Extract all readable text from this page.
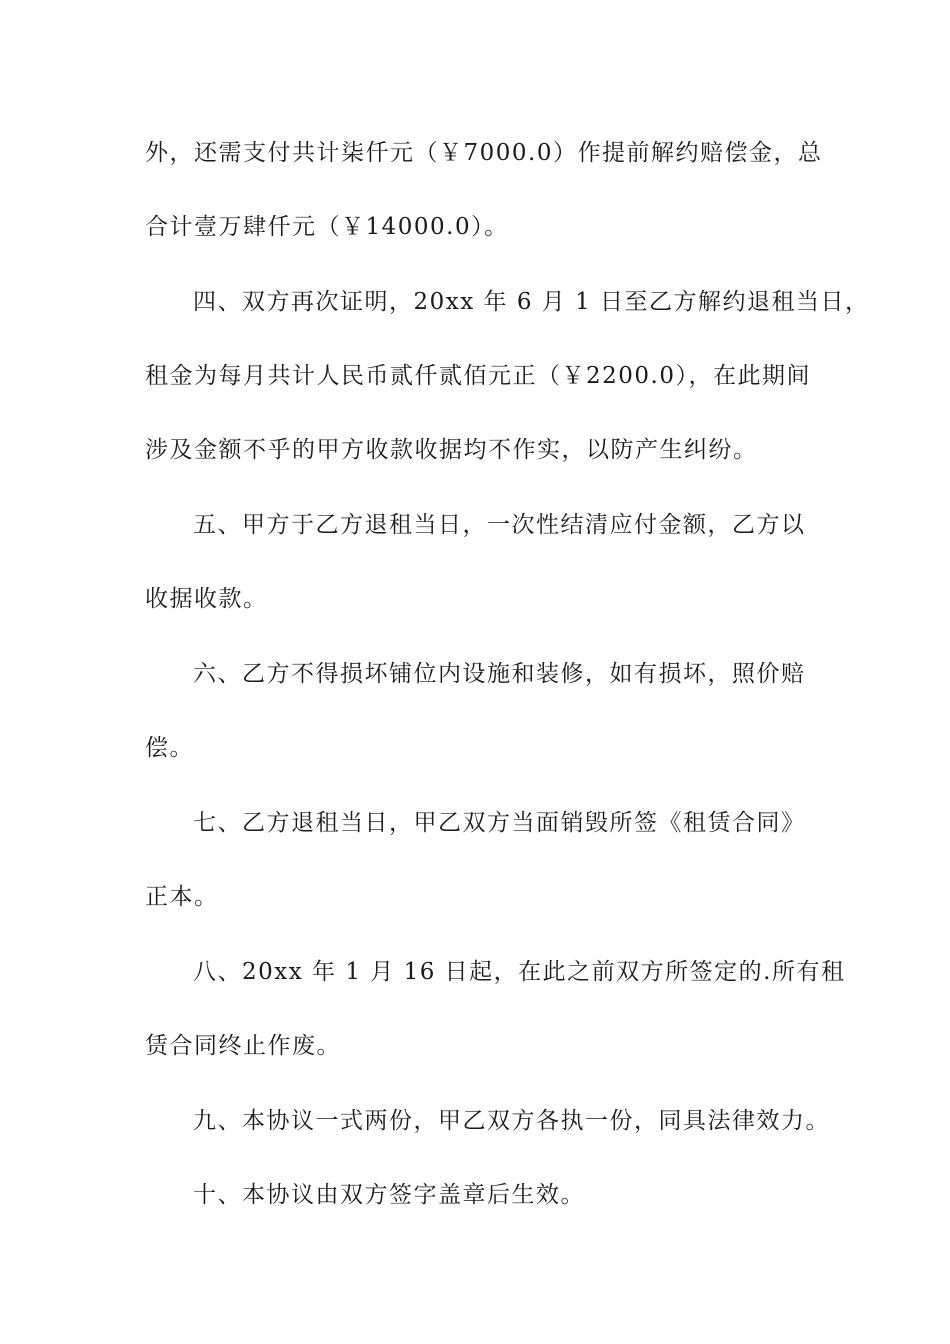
外，还需支付共计柒仟元（￥7000.0）作提前解约赔偿金，总
合计壹万肆仟元（￥14000.0）。
四、双方再次证明，20xx 年 6 月 1 日至乙方解约退租当日，
租金为每月共计人民币贰仟贰佰元正（￥2200.0），在此期间
涉及金额不乎的甲方收款收据均不作实，以防产生纠纷。
五、甲方于乙方退租当日，一次性结清应付金额，乙方以
收据收款。
六、乙方不得损坏铺位内设施和装修，如有损坏，照价赔
偿。
七、乙方退租当日，甲乙双方当面销毁所签《租赁合同》
正本。
八、20xx 年 1 月 16 日起，在此之前双方所签定的.所有租
赁合同终止作废。
九、本协议一式两份，甲乙双方各执一份，同具法律效力。
十、本协议由双方签字盖章后生效。
